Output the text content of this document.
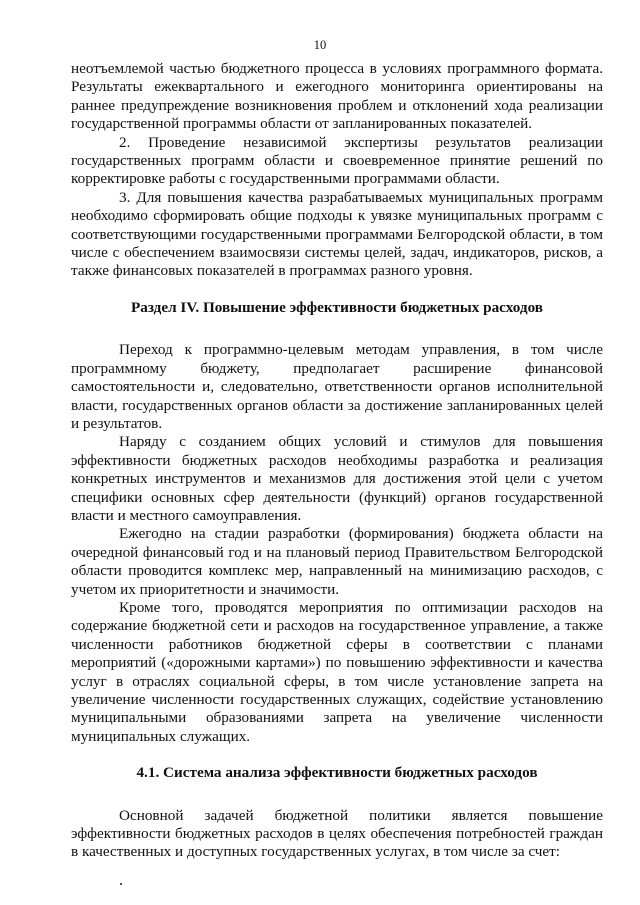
10

неотъемлемой частью бюджетного процесса в условиях программного формата. Результаты ежеквартального и ежегодного мониторинга ориентированы на раннее предупреждение возникновения проблем и отклонений хода реализации государственной программы области от запланированных показателей.

2. Проведение независимой экспертизы результатов реализации государственных программ области и своевременное принятие решений по корректировке работы с государственными программами области.

3. Для повышения качества разрабатываемых муниципальных программ необходимо сформировать общие подходы к увязке муниципальных программ с соответствующими государственными программами Белгородской области, в том числе с обеспечением взаимосвязи системы целей, задач, индикаторов, рисков, а также финансовых показателей в программах разного уровня.

Раздел IV. Повышение эффективности бюджетных расходов

Переход к программно-целевым методам управления, в том числе программному бюджету, предполагает расширение финансовой самостоятельности и, следовательно, ответственности органов исполнительной власти, государственных органов области за достижение запланированных целей и результатов.

Наряду с созданием общих условий и стимулов для повышения эффективности бюджетных расходов необходимы разработка и реализация конкретных инструментов и механизмов для достижения этой цели с учетом специфики основных сфер деятельности (функций) органов государственной власти и местного самоуправления.

Ежегодно на стадии разработки (формирования) бюджета области на очередной финансовый год и на плановый период Правительством Белгородской области проводится комплекс мер, направленный на минимизацию расходов, с учетом их приоритетности и значимости.

Кроме того, проводятся мероприятия по оптимизации расходов на содержание бюджетной сети и расходов на государственное управление, а также численности работников бюджетной сферы в соответствии с планами мероприятий («дорожными картами») по повышению эффективности и качества услуг в отраслях социальной сферы, в том числе установление запрета на увеличение численности государственных служащих, содействие установлению муниципальными образованиями запрета на увеличение численности муниципальных служащих.

4.1. Система анализа эффективности бюджетных расходов

Основной задачей бюджетной политики является повышение эффективности бюджетных расходов в целях обеспечения потребностей граждан в качественных и доступных государственных услугах, в том числе за счет:
